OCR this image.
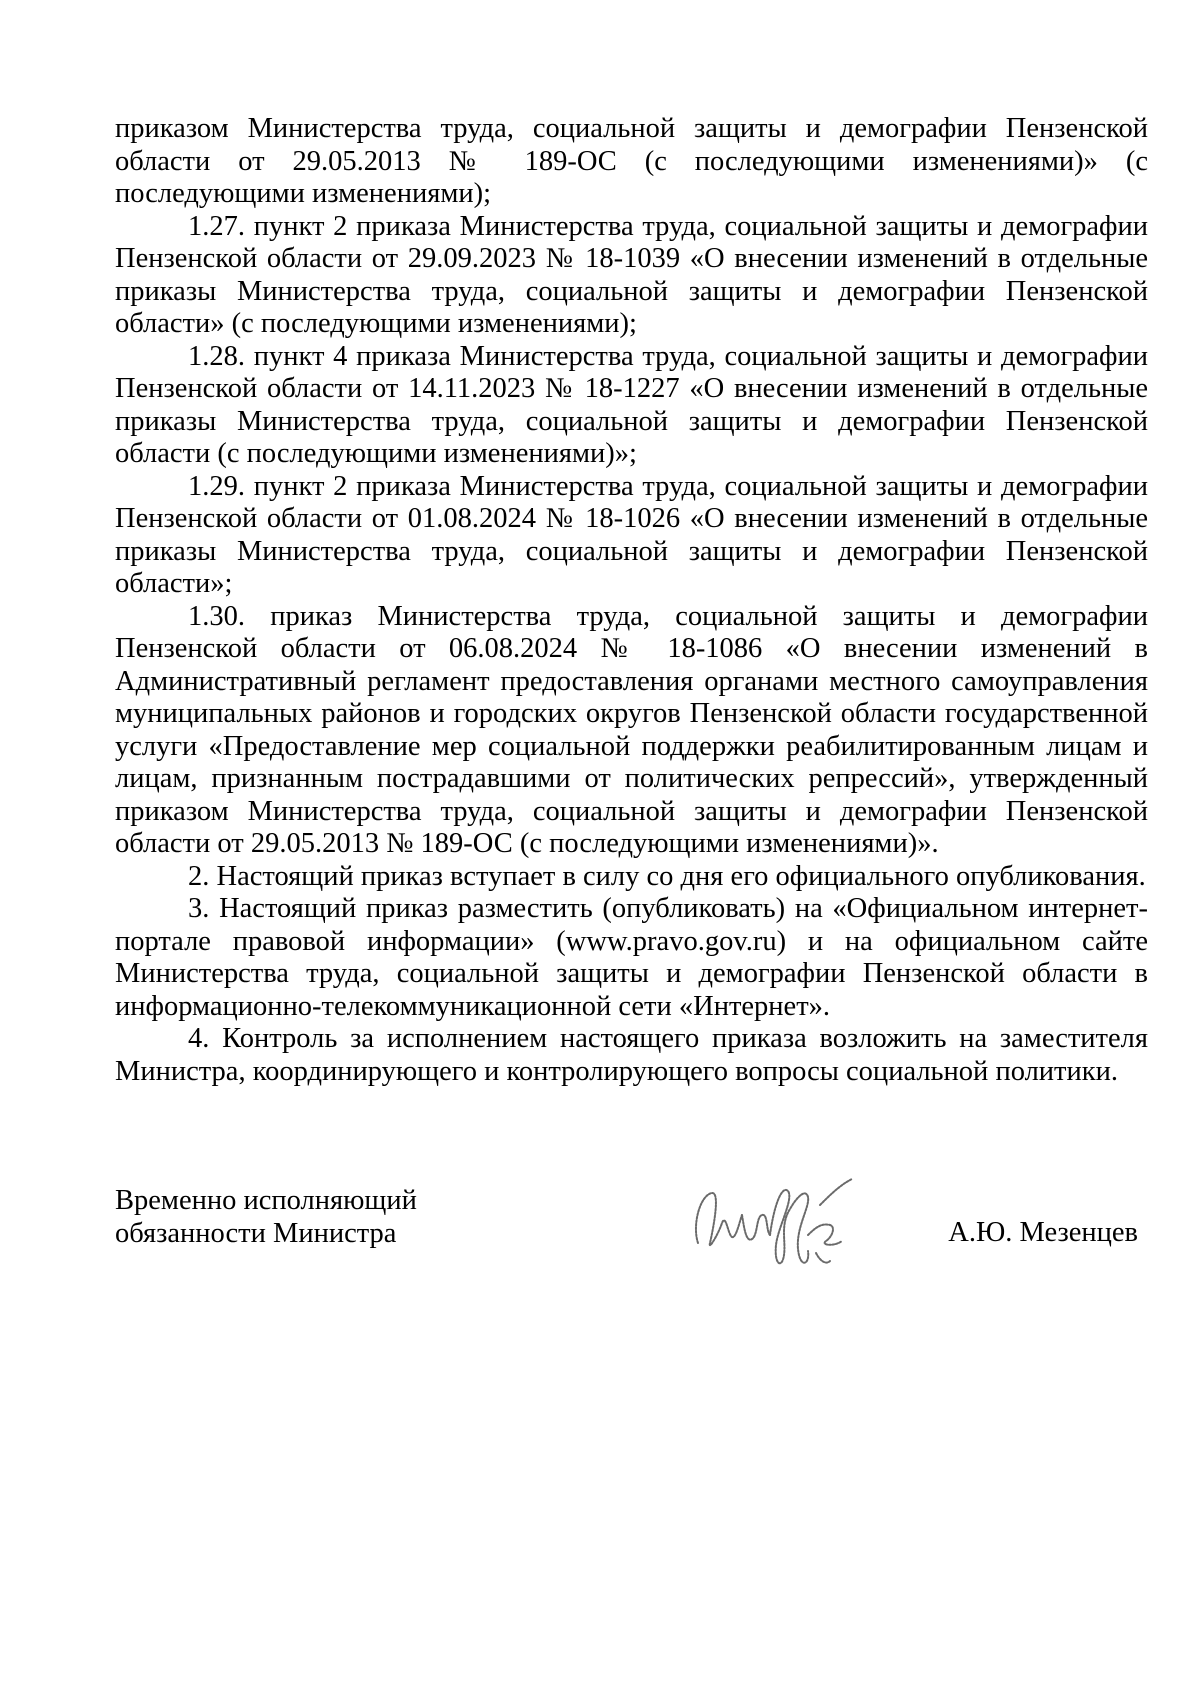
приказом Министерства труда, социальной защиты и демографии Пензенской области от 29.05.2013 № 189-ОС (с последующими изменениями)» (с последующими изменениями);

1.27. пункт 2 приказа Министерства труда, социальной защиты и демографии Пензенской области от 29.09.2023 № 18-1039 «О внесении изменений в отдельные приказы Министерства труда, социальной защиты и демографии Пензенской области» (с последующими изменениями);

1.28. пункт 4 приказа Министерства труда, социальной защиты и демографии Пензенской области от 14.11.2023 № 18-1227 «О внесении изменений в отдельные приказы Министерства труда, социальной защиты и демографии Пензенской области (с последующими изменениями)»;

1.29. пункт 2 приказа Министерства труда, социальной защиты и демографии Пензенской области от 01.08.2024 № 18-1026 «О внесении изменений в отдельные приказы Министерства труда, социальной защиты и демографии Пензенской области»;

1.30. приказ Министерства труда, социальной защиты и демографии Пензенской области от 06.08.2024 № 18-1086 «О внесении изменений в Административный регламент предоставления органами местного самоуправления муниципальных районов и городских округов Пензенской области государственной услуги «Предоставление мер социальной поддержки реабилитированным лицам и лицам, признанным пострадавшими от политических репрессий», утвержденный приказом Министерства труда, социальной защиты и демографии Пензенской области от 29.05.2013 № 189-ОС (с последующими изменениями)».

2. Настоящий приказ вступает в силу со дня его официального опубликования.

3. Настоящий приказ разместить (опубликовать) на «Официальном интернет-портале правовой информации» (www.pravo.gov.ru) и на официальном сайте Министерства труда, социальной защиты и демографии Пензенской области в информационно-телекоммуникационной сети «Интернет».

4. Контроль за исполнением настоящего приказа возложить на заместителя Министра, координирующего и контролирующего вопросы социальной политики.

Временно исполняющий
обязанности Министра	А.Ю. Мезенцев
